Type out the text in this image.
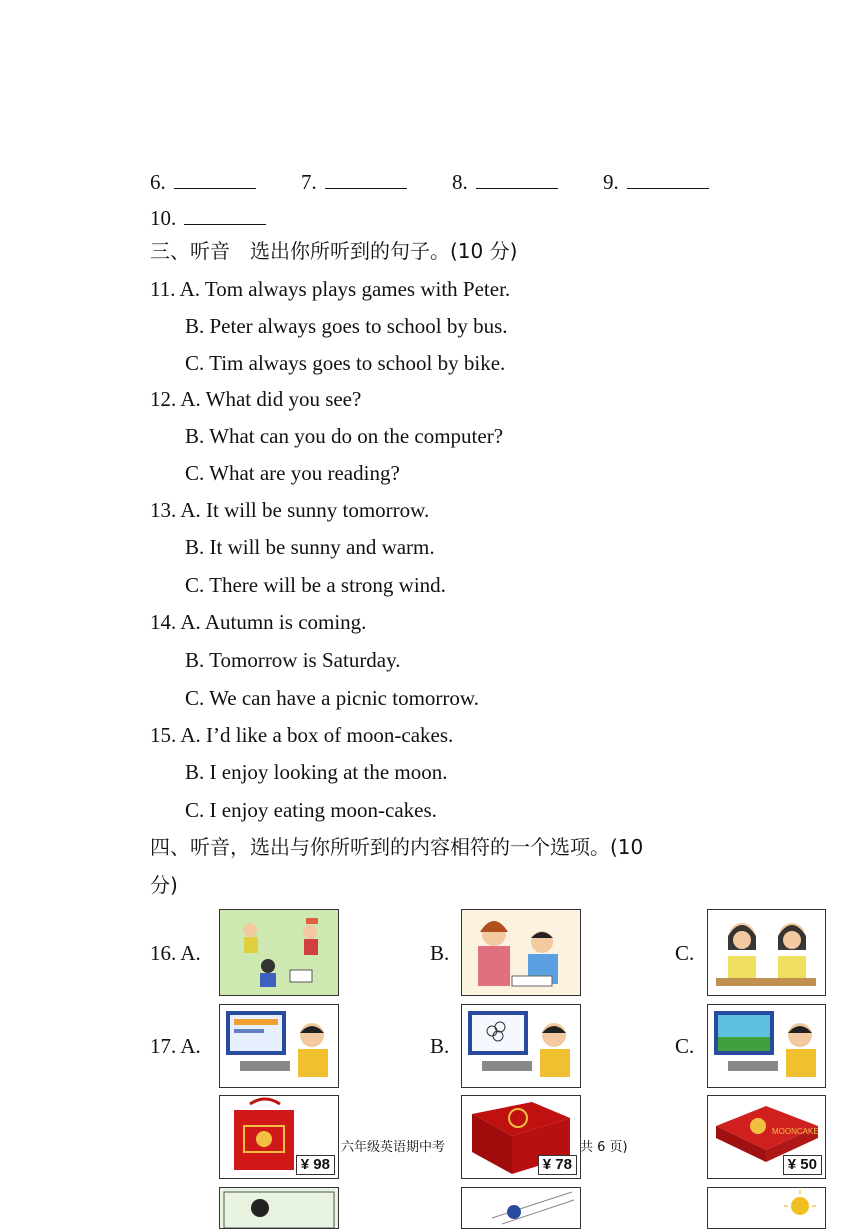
6.	7.	8.	9.
10.
三、听音　选出你所听到的句子。(10 分)
11. A. Tom always plays games with Peter.
B. Peter always goes to school by bus.
C. Tim always goes to school by bike.
12. A. What did you see?
B. What can you do on the computer?
C. What are you reading?
13. A. It will be sunny tomorrow.
B. It will be sunny and warm.
C. There will be a strong wind.
14. A. Autumn is coming.
B. Tomorrow is Saturday.
C. We can have a picnic tomorrow.
15. A. I’d like a box of moon-cakes.
B. I enjoy looking at the moon.
C. I enjoy eating moon-cakes.
四、听音，选出与你所听到的内容相符的一个选项。(10
分)
16. A.	B.	C.
17. A.	B.	C.
¥ 98	¥ 78
MOONCAKE
¥ 50
六年级英语期中考	共 6 页)
